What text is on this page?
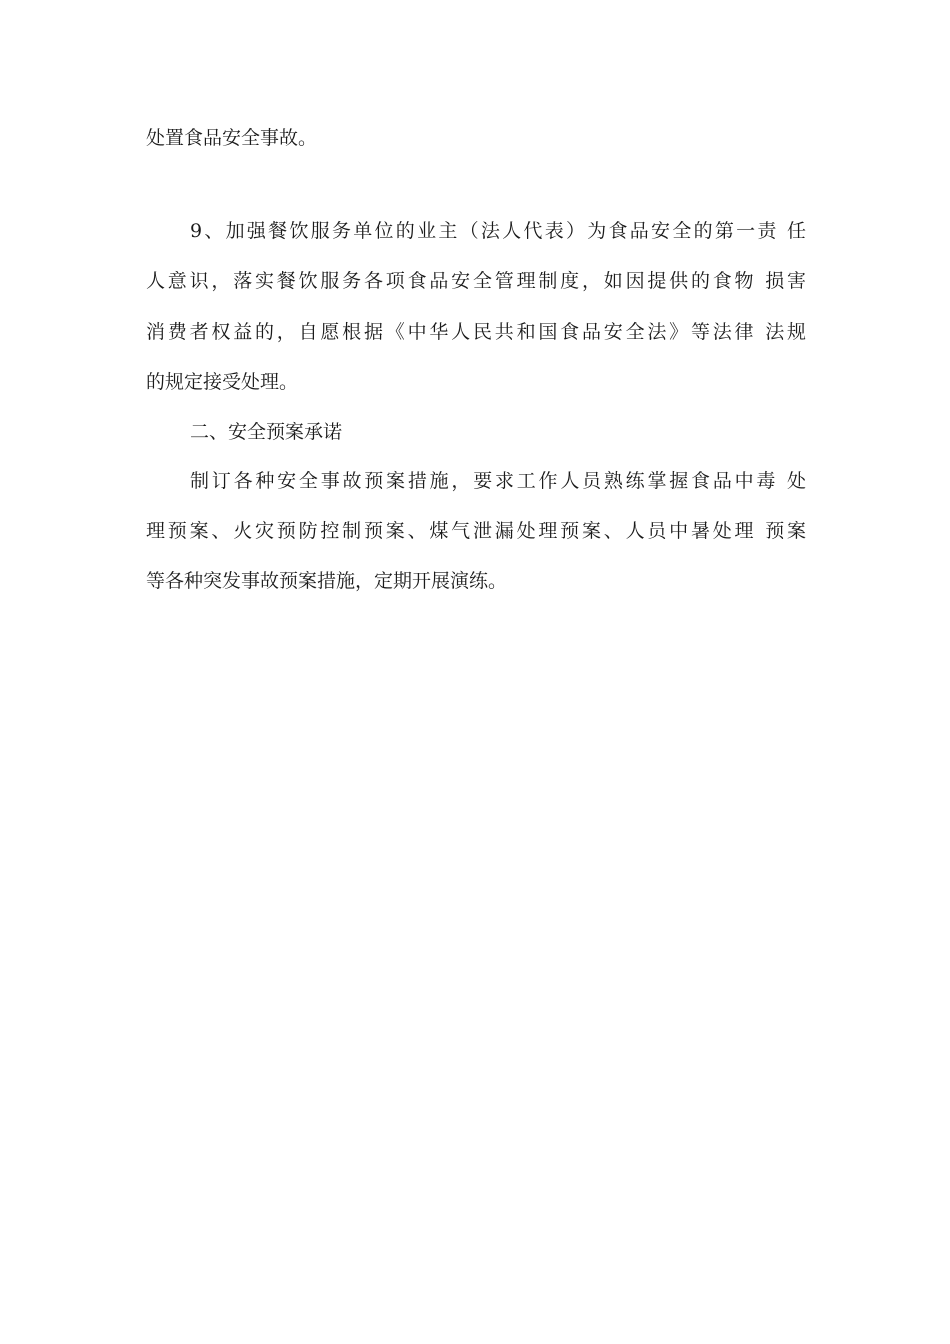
处置食品安全事故。
9、加强餐饮服务单位的业主（法人代表）为食品安全的第一责 任
人意识，落实餐饮服务各项食品安全管理制度，如因提供的食物 损害
消费者权益的，自愿根据《中华人民共和国食品安全法》等法律 法规
的规定接受处理。
二、安全预案承诺
制订各种安全事故预案措施，要求工作人员熟练掌握食品中毒 处
理预案、火灾预防控制预案、煤气泄漏处理预案、人员中暑处理 预案
等各种突发事故预案措施，定期开展演练。
